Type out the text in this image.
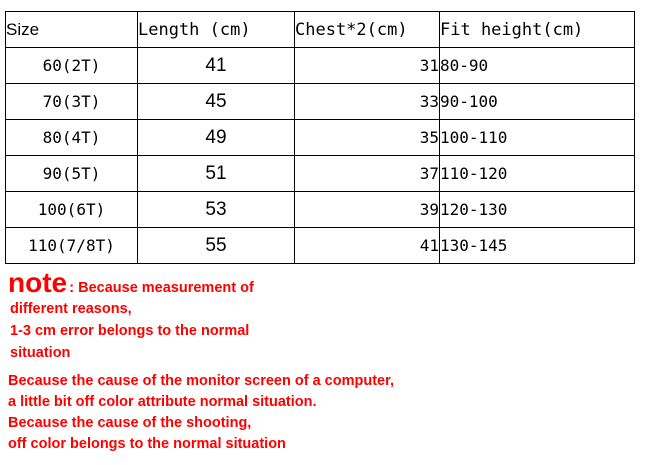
Size	Length (cm)	Chest*2(cm)	Fit height(cm)
60(2T)	41	31	80-90
70(3T)	45	33	90-100
80(4T)	49	35	100-110
90(5T)	51	37	110-120
100(6T)	53	39	120-130
110(7/8T)	55	41	130-145
note : Because measurement of
different reasons,
1-3 cm error belongs to the normal
situation
Because the cause of the monitor screen of a computer,
a little bit off color attribute normal situation.
Because the cause of the shooting,
off color belongs to the normal situation
